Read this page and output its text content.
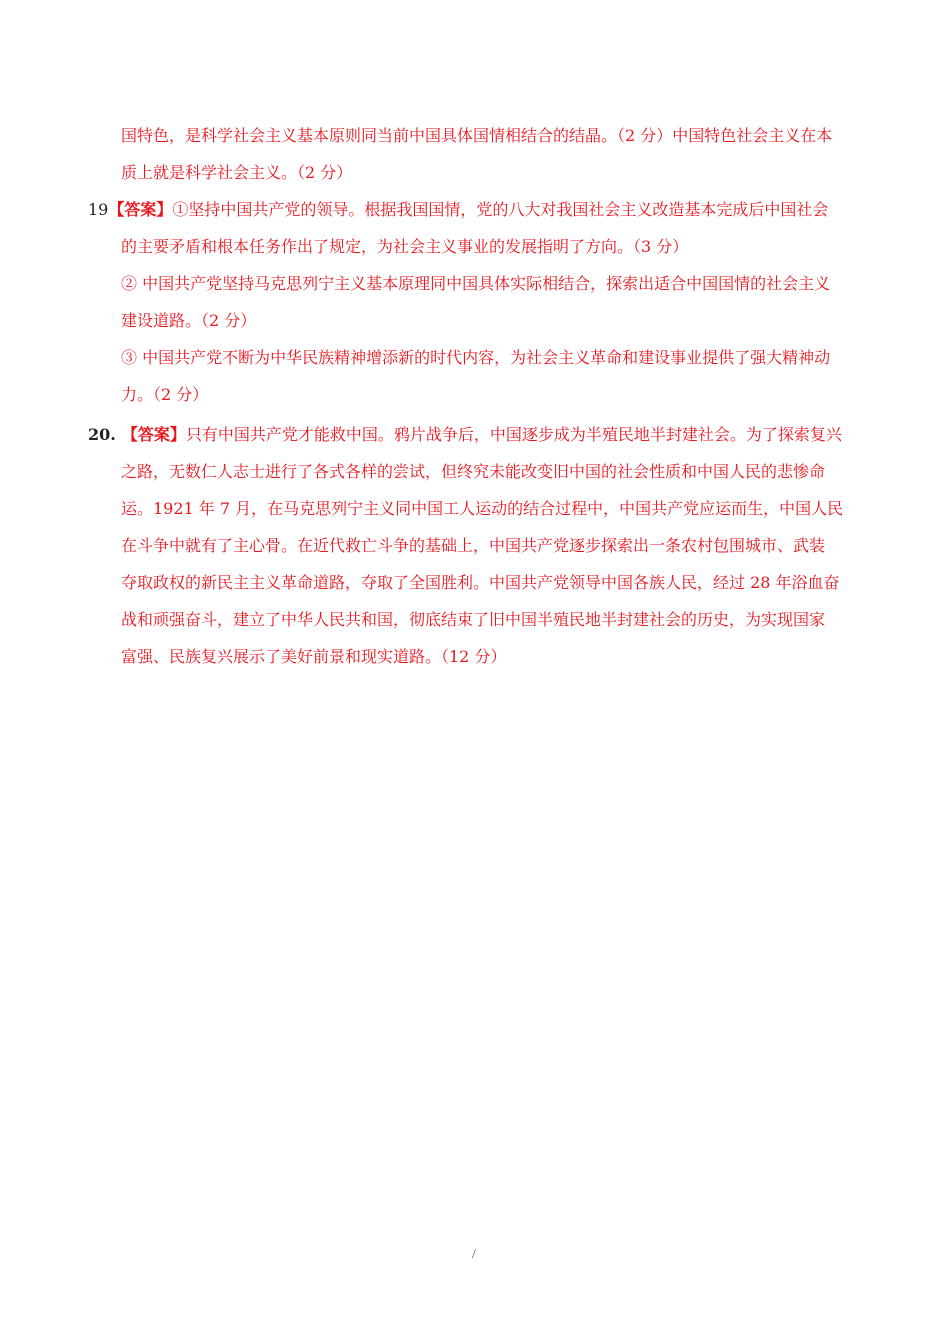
国特色，是科学社会主义基本原则同当前中国具体国情相结合的结晶。（2 分）中国特色社会主义在本
质上就是科学社会主义。（2 分）
19【答案】①坚持中国共产党的领导。根据我国国情，党的八大对我国社会主义改造基本完成后中国社会
的主要矛盾和根本任务作出了规定，为社会主义事业的发展指明了方向。（3 分）
② 中国共产党坚持马克思列宁主义基本原理同中国具体实际相结合，探索出适合中国国情的社会主义
建设道路。（2 分）
③ 中国共产党不断为中华民族精神增添新的时代内容，为社会主义革命和建设事业提供了强大精神动
力。（2 分）
20. 【答案】只有中国共产党才能救中国。鸦片战争后，中国逐步成为半殖民地半封建社会。为了探索复兴
之路，无数仁人志士进行了各式各样的尝试，但终究未能改变旧中国的社会性质和中国人民的悲惨命
运。1921 年 7 月，在马克思列宁主义同中国工人运动的结合过程中，中国共产党应运而生，中国人民
在斗争中就有了主心骨。在近代救亡斗争的基础上，中国共产党逐步探索出一条农村包围城市、武装
夺取政权的新民主主义革命道路，夺取了全国胜利。中国共产党领导中国各族人民，经过 28 年浴血奋
战和顽强奋斗，建立了中华人民共和国，彻底结束了旧中国半殖民地半封建社会的历史，为实现国家
富强、民族复兴展示了美好前景和现实道路。（12 分）
/
